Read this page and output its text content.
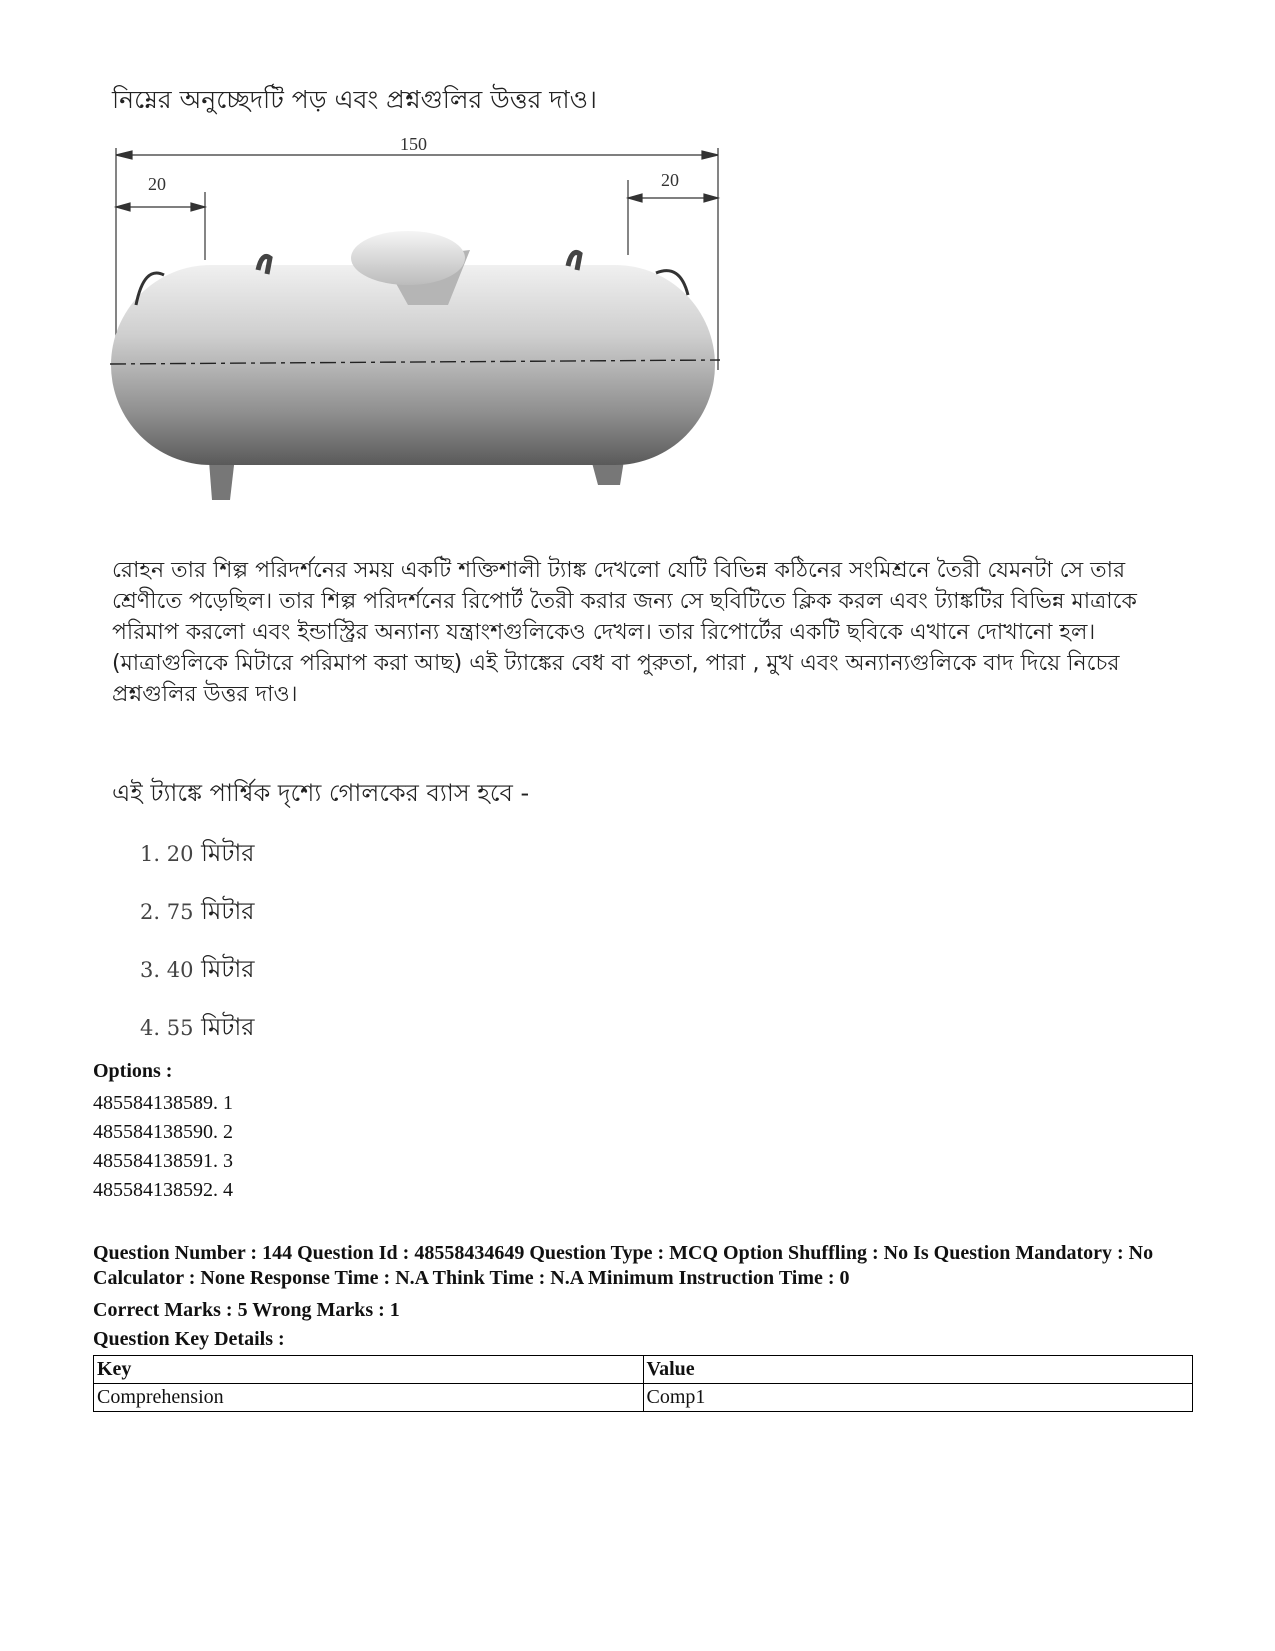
নিম্নের অনুচ্ছেদটি পড় এবং প্রশ্নগুলির উত্তর দাও।
150
20	20
রোহন তার শিল্প পরিদর্শনের সময় একটি শক্তিশালী ট্যাঙ্ক দেখলো যেটি বিভিন্ন কঠিনের সংমিশ্রনে তৈরী যেমনটা সে তার শ্রেণীতে পড়েছিল। তার শিল্প পরিদর্শনের রিপোর্ট তৈরী করার জন্য সে ছবিটিতে ক্লিক করল এবং ট্যাঙ্কটির বিভিন্ন মাত্রাকে পরিমাপ করলো এবং ইন্ডাস্ট্রির অন্যান্য যন্ত্রাংশগুলিকেও দেখল। তার রিপোর্টের একটি ছবিকে এখানে দোখানো হল। (মাত্রাগুলিকে মিটারে পরিমাপ করা আছ) এই ট্যাঙ্কের বেধ বা পুরুতা, পারা , মুখ এবং অন্যান্যগুলিকে বাদ দিয়ে নিচের প্রশ্নগুলির উত্তর দাও।
এই ট্যাঙ্কে পার্শ্বিক দৃশ্যে গোলকের ব্যাস হবে -
1. 20 মিটার
2. 75 মিটার
3. 40 মিটার
4. 55 মিটার
Options :
485584138589. 1
485584138590. 2
485584138591. 3
485584138592. 4
Question Number : 144 Question Id : 48558434649 Question Type : MCQ Option Shuffling : No Is Question Mandatory : No Calculator : None Response Time : N.A Think Time : N.A Minimum Instruction Time : 0
Correct Marks : 5 Wrong Marks : 1
Question Key Details :
Key	Value
Comprehension	Comp1
